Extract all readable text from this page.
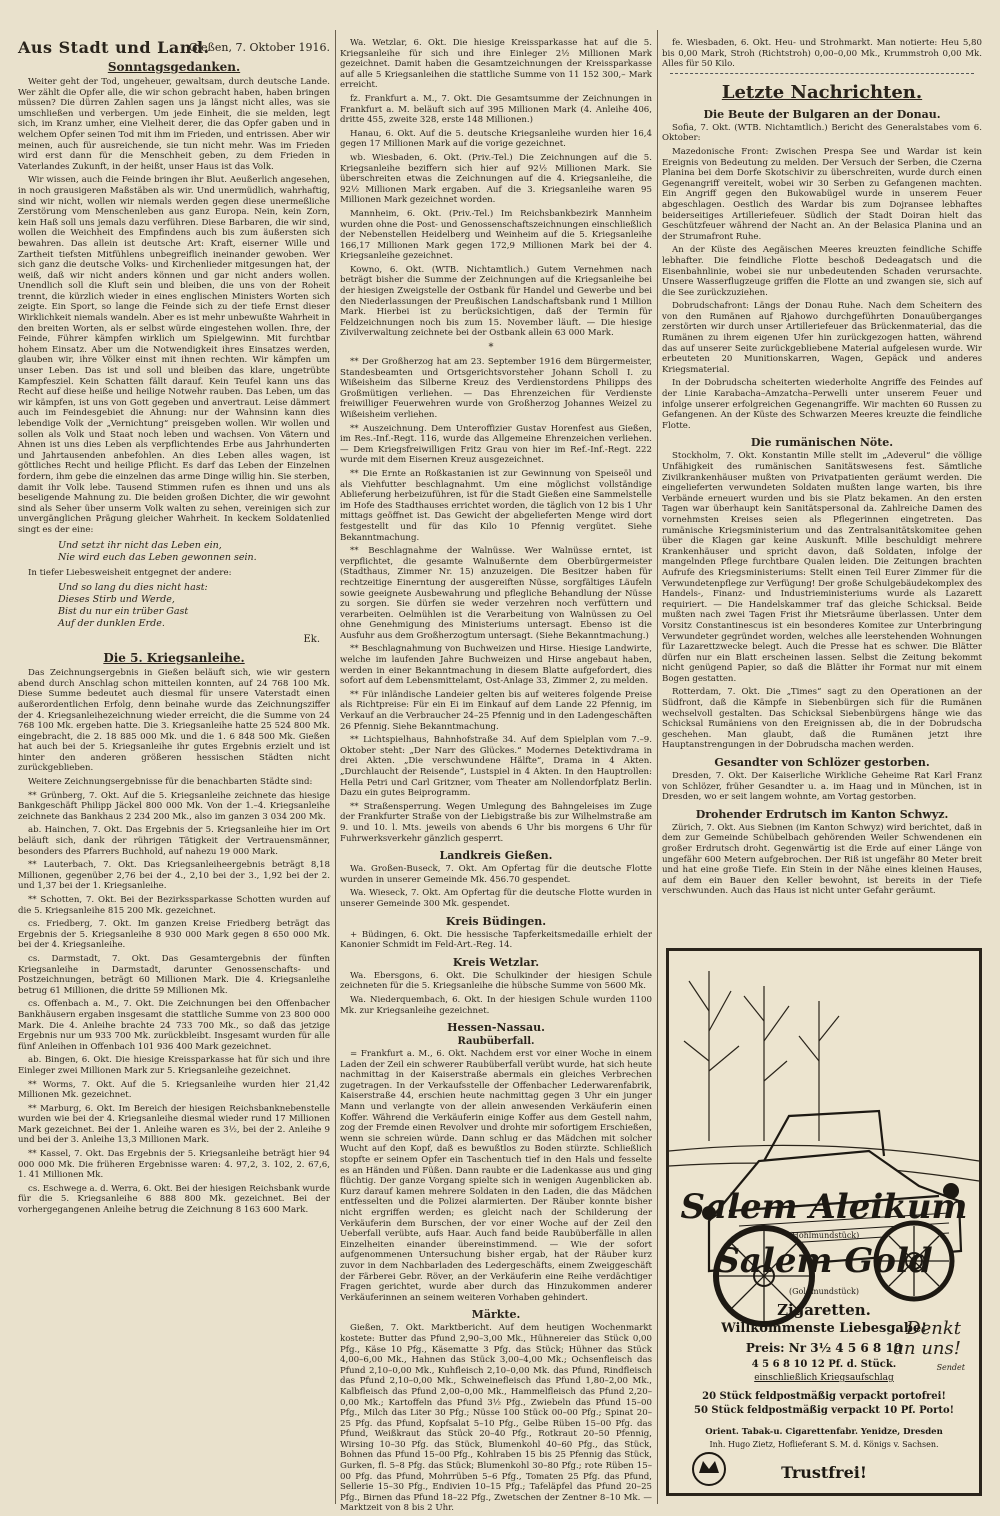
Aus Stadt und Land.
Gießen, 7. Oktober 1916.
Sonntagsgedanken.

Weiter geht der Tod, ungeheuer, gewaltsam, durch deutsche Lande. Wer zählt die Opfer alle, die wir schon gebracht haben, haben bringen müssen? Die dürren Zahlen sagen uns ja längst nicht alles, was sie umschließen und verbergen. Um jede Einheit, die sie melden, legt sich, im Kranz umher, eine Vielheit derer, die das Opfer gaben und in welchem Opfer seinen Tod mit ihm im Frieden, und entrissen. Aber wir meinen, auch für ausreichende, sie tun nicht mehr. Was im Frieden wird erst dann für die Menschheit geben, zu dem Frieden in Vaterlandes Zukunft, in der heißt, unser Haus ist das Volk.

Wir wissen, auch die Feinde bringen ihr Blut. Aeußerlich angesehen, in noch grausigeren Maßstäben als wir. Und unermüdlich, wahrhaftig, sind wir nicht, wollen wir niemals werden gegen diese unermeßliche Zerstörung vom Menschenleben aus ganz Europa. Nein, kein Zorn, kein Haß soll uns jemals dazu verführen. Diese Barbaren, die wir sind, wollen die Weichheit des Empfindens auch bis zum äußersten sich bewahren. Das allein ist deutsche Art: Kraft, eiserner Wille und Zartheit tiefsten Mitfühlens unbegreiflich ineinander gewoben. Wer sich ganz die deutsche Volks- und Kirchenlieder mitgesungen hat, der weiß, daß wir nicht anders können und gar nicht anders wollen. Unendlich soll die Kluft sein und bleiben, die uns von der Roheit trennt, die kürzlich wieder in eines englischen Ministers Worten sich zeigte. Ein Sport, so lange die Feinde sich zu der tiefe Ernst dieser Wirklichkeit niemals wandeln. Aber es ist mehr unbewußte Wahrheit in den breiten Worten, als er selbst würde eingestehen wollen. Ihre, der Feinde, Führer kämpfen wirklich um Spielgewinn. Mit furchtbar hohem Einsatz. Aber um die Notwendigkeit ihres Einsatzes werden, glauben wir, ihre Völker einst mit ihnen rechten. Wir kämpfen um unser Leben. Das ist und soll und bleiben das klare, ungetrübte Kampfesziel. Kein Schatten fällt darauf. Kein Teufel kann uns das Recht auf diese heiße und heilige Notwehr rauben. Das Leben, um das wir kämpfen, ist uns von Gott gegeben und anvertraut. Leise dämmert auch im Feindesgebiet die Ahnung: nur der Wahnsinn kann dies lebendige Volk der „Vernichtung“ preisgeben wollen. Wir wollen und sollen als Volk und Staat noch leben und wachsen. Von Vätern und Ahnen ist uns dies Leben als verpflichtendes Erbe aus Jahrhunderten und Jahrtausenden anbefohlen. An dies Leben alles wagen, ist göttliches Recht und heilige Pflicht. Es darf das Leben der Einzelnen fordern, ihm gebe die einzelnen das arme Dinge willig hin. Sie sterben, damit ihr Volk lebe. Tausend Stimmen rufen es ihnen und uns als beseligende Mahnung zu. Die beiden großen Dichter, die wir gewohnt sind als Seher über unserm Volk walten zu sehen, vereinigen sich zur unvergänglichen Prägung gleicher Wahrheit. In keckem Soldatenlied singt es der eine:

Und setzt ihr nicht das Leben ein,
Nie wird euch das Leben gewonnen sein.

In tiefer Liebesweisheit entgegnet der andere:

Und so lang du dies nicht hast:
Dieses Stirb und Werde,
Bist du nur ein trüber Gast
Auf der dunklen Erde.
Ek.
Die 5. Kriegsanleihe.

Das Zeichnungsergebnis in Gießen beläuft sich, wie wir gestern abend durch Anschlag schon mitteilen konnten, auf 24 768 100 Mk. Diese Summe bedeutet auch diesmal für unsere Vaterstadt einen außerordentlichen Erfolg, denn beinahe wurde das Zeichnungsziffer der 4. Kriegsanleihezeichnung wieder erreicht, die die Summe von 24 768 100 Mk. ergeben hatte. Die 3. Kriegsanleihe hatte 25 524 800 Mk. eingebracht, die 2. 18 885 000 Mk. und die 1. 6 848 500 Mk. Gießen hat auch bei der 5. Kriegsanleihe ihr gutes Ergebnis erzielt und ist hinter den anderen größeren hessischen Städten nicht zurückgeblieben.

Weitere Zeichnungsergebnisse für die benachbarten Städte sind:

** Grünberg, 7. Okt. Auf die 5. Kriegsanleihe zeichnete das hiesige Bankgeschäft Philipp Jäckel 800 000 Mk. Von der 1.–4. Kriegsanleihe zeichnete das Bankhaus 2 234 200 Mk., also im ganzen 3 034 200 Mk.

ab. Hainchen, 7. Okt. Das Ergebnis der 5. Kriegsanleihe hier im Ort beläuft sich, dank der rührigen Tätigkeit der Vertrauensmänner, besonders des Pfarrers Buchhold, auf nahezu 19 000 Mark.

** Lauterbach, 7. Okt. Das Kriegsanleiheergebnis beträgt 8,18 Millionen, gegenüber 2,76 bei der 4., 2,10 bei der 3., 1,92 bei der 2. und 1,37 bei der 1. Kriegsanleihe.

** Schotten, 7. Okt. Bei der Bezirkssparkasse Schotten wurden auf die 5. Kriegsanleihe 815 200 Mk. gezeichnet.

cs. Friedberg, 7. Okt. Im ganzen Kreise Friedberg beträgt das Ergebnis der 5. Kriegsanleihe 8 930 000 Mark gegen 8 650 000 Mk. bei der 4. Kriegsanleihe.

cs. Darmstadt, 7. Okt. Das Gesamtergebnis der fünften Kriegsanleihe in Darmstadt, darunter Genossenschafts- und Postzeichnungen, beträgt 60 Millionen Mark. Die 4. Kriegsanleihe betrug 61 Millionen, die dritte 59 Millionen Mk.

cs. Offenbach a. M., 7. Okt. Die Zeichnungen bei den Offenbacher Bankhäusern ergaben insgesamt die stattliche Summe von 23 800 000 Mark. Die 4. Anleihe brachte 24 733 700 Mk., so daß das jetzige Ergebnis nur um 933 700 Mk. zurückbleibt. Insgesamt wurden für alle fünf Anleihen in Offenbach 101 936 400 Mark gezeichnet.

ab. Bingen, 6. Okt. Die hiesige Kreissparkasse hat für sich und ihre Einleger zwei Millionen Mark zur 5. Kriegsanleihe gezeichnet.

** Worms, 7. Okt. Auf die 5. Kriegsanleihe wurden hier 21,42 Millionen Mk. gezeichnet.

** Marburg, 6. Okt. Im Bereich der hiesigen Reichsbanknebenstelle wurden wie bei der 4. Kriegsanleihe diesmal wieder rund 17 Millionen Mark gezeichnet. Bei der 1. Anleihe waren es 3½, bei der 2. Anleihe 9 und bei der 3. Anleihe 13,3 Millionen Mark.

** Kassel, 7. Okt. Das Ergebnis der 5. Kriegsanleihe beträgt hier 94 000 000 Mk. Die früheren Ergebnisse waren: 4. 97,2, 3. 102, 2. 67,6, 1. 41 Millionen Mk.

cs. Eschwege a. d. Werra, 6. Okt. Bei der hiesigen Reichsbank wurde für die 5. Kriegsanleihe 6 888 800 Mk. gezeichnet. Bei der vorhergegangenen Anleihe betrug die Zeichnung 8 163 600 Mark.

Wa. Wetzlar, 6. Okt. Die hiesige Kreissparkasse hat auf die 5. Kriegsanleihe für sich und ihre Einleger 2½ Millionen Mark gezeichnet. Damit haben die Gesamtzeichnungen der Kreissparkasse auf alle 5 Kriegsanleihen die stattliche Summe von 11 152 300,– Mark erreicht.

fz. Frankfurt a. M., 7. Okt. Die Gesamtsumme der Zeichnungen in Frankfurt a. M. beläuft sich auf 395 Millionen Mark (4. Anleihe 406, dritte 455, zweite 328, erste 148 Millionen.)

Hanau, 6. Okt. Auf die 5. deutsche Kriegsanleihe wurden hier 16,4 gegen 17 Millionen Mark auf die vorige gezeichnet.

wb. Wiesbaden, 6. Okt. (Priv.-Tel.) Die Zeichnungen auf die 5. Kriegsanleihe beziffern sich hier auf 92½ Millionen Mark. Sie überschreiten etwas die Zeichnungen auf die 4. Kriegsanleihe, die 92½ Millionen Mark ergaben. Auf die 3. Kriegsanleihe waren 95 Millionen Mark gezeichnet worden.

Mannheim, 6. Okt. (Priv.-Tel.) Im Reichsbankbezirk Mannheim wurden ohne die Post- und Genossenschaftszeichnungen einschließlich der Nebenstellen Heidelberg und Weinheim auf die 5. Kriegsanleihe 166,17 Millionen Mark gegen 172,9 Millionen Mark bei der 4. Kriegsanleihe gezeichnet.

Kowno, 6. Okt. (WTB. Nichtamtlich.) Gutem Vernehmen nach beträgt bisher die Summe der Zeichnungen auf die Kriegsanleihe bei der hiesigen Zweigstelle der Ostbank für Handel und Gewerbe und bei den Niederlassungen der Preußischen Landschaftsbank rund 1 Million Mark. Hierbei ist zu berücksichtigen, daß der Termin für Feldzeichnungen noch bis zum 15. November läuft. — Die hiesige Zivilverwaltung zeichnete bei der Ostbank allein 63 000 Mark.

*

** Der Großherzog hat am 23. September 1916 dem Bürgermeister, Standesbeamten und Ortsgerichtsvorsteher Johann Scholl I. zu Wißeisheim das Silberne Kreuz des Verdienstordens Philipps des Großmütigen verliehen. — Das Ehrenzeichen für Verdienste freiwilliger Feuerwehren wurde von Großherzog Johannes Weizel zu Wißeisheim verliehen.

** Auszeichnung. Dem Unteroffizier Gustav Horenfest aus Gießen, im Res.-Inf.-Regt. 116, wurde das Allgemeine Ehrenzeichen verliehen. — Dem Kriegsfreiwilligen Fritz Grau von hier im Ref.-Inf.-Regt. 222 wurde mit dem Eisernen Kreuz ausgezeichnet.

** Die Ernte an Roßkastanien ist zur Gewinnung von Speiseöl und als Viehfutter beschlagnahmt. Um eine möglichst vollständige Ablieferung herbeizuführen, ist für die Stadt Gießen eine Sammelstelle im Hofe des Stadthauses errichtet worden, die täglich von 12 bis 1 Uhr mittags geöffnet ist. Das Gewicht der abgelieferten Menge wird dort festgestellt und für das Kilo 10 Pfennig vergütet. Siehe Bekanntmachung.

** Beschlagnahme der Walnüsse. Wer Walnüsse erntet, ist verpflichtet, die gesamte Walnußernte dem Oberbürgermeister (Stadthaus, Zimmer Nr. 15) anzuzeigen. Die Besitzer haben für rechtzeitige Einerntung der ausgereiften Nüsse, sorgfältiges Läufeln sowie geeignete Ausbewahrung und pflegliche Behandlung der Nüsse zu sorgen. Sie dürfen sie weder verzehren noch verfüttern und verarbeiten. Oelmühlen ist die Verarbeitung von Walnüssen zu Oel ohne Genehmigung des Ministeriums untersagt. Ebenso ist die Ausfuhr aus dem Großherzogtum untersagt. (Siehe Bekanntmachung.)

** Beschlagnahmung von Buchweizen und Hirse. Hiesige Landwirte, welche im laufenden Jahre Buchweizen und Hirse angebaut haben, werden in einer Bekanntmachung in diesem Blatte aufgefordert, dies sofort auf dem Lebensmittelamt, Ost-Anlage 33, Zimmer 2, zu melden.

** Für inländische Landeier gelten bis auf weiteres folgende Preise als Richtpreise: Für ein Ei im Einkauf auf dem Lande 22 Pfennig, im Verkauf an die Verbraucher 24–25 Pfennig und in den Ladengeschäften 26 Pfennig. Siehe Bekanntmachung.

** Lichtspielhaus, Bahnhofstraße 34. Auf dem Spielplan vom 7.–9. Oktober steht: „Der Narr des Glückes.“ Modernes Detektivdrama in drei Akten. „Die verschwundene Hälfte“, Drama in 4 Akten. „Durchlaucht der Reisende“, Lustspiel in 4 Akten. In den Hauptrollen: Hella Petri und Carl Gritzner, vom Theater am Nollendorfplatz Berlin. Dazu ein gutes Beiprogramm.

** Straßensperrung. Wegen Umlegung des Bahngeleises im Zuge der Frankfurter Straße von der Liebigstraße bis zur Wilhelmstraße am 9. und 10. l. Mts. jeweils von abends 6 Uhr bis morgens 6 Uhr für Fuhrwerksverkehr gänzlich gesperrt.

Landkreis Gießen.

Wa. Großen-Buseck, 7. Okt. Am Opfertag für die deutsche Flotte wurden in unserer Gemeinde Mk. 456.70 gespendet.

Wa. Wieseck, 7. Okt. Am Opfertag für die deutsche Flotte wurden in unserer Gemeinde 300 Mk. gespendet.

Kreis Büdingen.

+ Büdingen, 6. Okt. Die hessische Tapferkeitsmedaille erhielt der Kanonier Schmidt im Feld-Art.-Reg. 14.

Kreis Wetzlar.

Wa. Ebersgons, 6. Okt. Die Schulkinder der hiesigen Schule zeichneten für die 5. Kriegsanleihe die hübsche Summe von 5600 Mk.

Wa. Niederquembach, 6. Okt. In der hiesigen Schule wurden 1100 Mk. zur Kriegsanleihe gezeichnet.

Hessen-Nassau.
Raubüberfall.

= Frankfurt a. M., 6. Okt. Nachdem erst vor einer Woche in einem Laden der Zeil ein schwerer Raubüberfall verübt wurde, hat sich heute nachmittag in der Kaiserstraße abermals ein gleiches Verbrechen zugetragen. In der Verkaufsstelle der Offenbacher Lederwarenfabrik, Kaiserstraße 44, erschien heute nachmittag gegen 3 Uhr ein junger Mann und verlangte von der allein anwesenden Verkäuferin einen Koffer. Während die Verkäuferin einige Koffer aus dem Gestell nahm, zog der Fremde einen Revolver und drohte mir sofortigem Erschießen, wenn sie schreien würde. Dann schlug er das Mädchen mit solcher Wucht auf den Kopf, daß es bewußtlos zu Boden stürzte. Schließlich stopfte er seinem Opfer ein Taschentuch tief in den Hals und fesselte es an Händen und Füßen. Dann raubte er die Ladenkasse aus und ging flüchtig. Der ganze Vorgang spielte sich in wenigen Augenblicken ab. Kurz darauf kamen mehrere Soldaten in den Laden, die das Mädchen entfesselten und die Polizei alarmierten. Der Räuber konnte bisher nicht ergriffen werden; es gleicht nach der Schilderung der Verkäuferin dem Burschen, der vor einer Woche auf der Zeil den Ueberfall verübte, aufs Haar. Auch fand beide Raubüberfälle in allen Einzelheiten einander übereinstimmend. — Wie der sofort aufgenommenen Untersuchung bisher ergab, hat der Räuber kurz zuvor in dem Nachbarladen des Ledergeschäfts, einem Zweiggeschäft der Färberei Gebr. Röver, an der Verkäuferin eine Reihe verdächtiger Fragen gerichtet, wurde aber durch das Hinzukommen anderer Verkäuferinnen an seinem weiteren Vorhaben gehindert.

Märkte.

Gießen, 7. Okt. Marktbericht. Auf dem heutigen Wochenmarkt kostete: Butter das Pfund 2,90–3,00 Mk., Hühnereier das Stück 0,00 Pfg., Käse 10 Pfg., Käsematte 3 Pfg. das Stück; Hühner das Stück 4,00–6,00 Mk., Hahnen das Stück 3,00–4,00 Mk.; Ochsenfleisch das Pfund 2,10–0,00 Mk., Kuhfleisch 2,10–0,00 Mk. das Pfund, Rindfleisch das Pfund 2,10–0,00 Mk., Schweinefleisch das Pfund 1,80–2,00 Mk., Kalbfleisch das Pfund 2,00–0,00 Mk., Hammelfleisch das Pfund 2,20–0,00 Mk.; Kartoffeln das Pfund 3½ Pfg., Zwiebeln das Pfund 15–00 Pfg., Milch das Liter 30 Pfg.; Nüsse 100 Stück 00–00 Pfg.; Spinat 20–25 Pfg. das Pfund, Kopfsalat 5–10 Pfg., Gelbe Rüben 15–00 Pfg. das Pfund, Weißkraut das Stück 20–40 Pfg., Rotkraut 20–50 Pfennig, Wirsing 10–30 Pfg. das Stück, Blumenkohl 40–60 Pfg., das Stück, Bohnen das Pfund 15–00 Pfg., Kohlraben 15 bis 25 Pfennig das Stück, Gurken, fl. 5–8 Pfg. das Stück; Blumenkohl 30–80 Pfg.; rote Rüben 15–00 Pfg. das Pfund, Mohrrüben 5–6 Pfg., Tomaten 25 Pfg. das Pfund, Sellerie 15–30 Pfg., Endivien 10–15 Pfg.; Tafeläpfel das Pfund 20–25 Pfg., Birnen das Pfund 18–22 Pfg., Zwetschen der Zentner 8–10 Mk. — Marktzeit von 8 bis 2 Uhr.

fe. Wiesbaden, 6. Okt. Heu- und Strohmarkt. Man notierte: Heu 5,80 bis 0,00 Mark, Stroh (Richtstroh) 0,00–0,00 Mk., Krummstroh 0,00 Mk. Alles für 50 Kilo.

Letzte Nachrichten.
Die Beute der Bulgaren an der Donau.

Sofia, 7. Okt. (WTB. Nichtamtlich.) Bericht des Generalstabes vom 6. Oktober:

Mazedonische Front: Zwischen Prespa See und Wardar ist kein Ereignis von Bedeutung zu melden. Der Versuch der Serben, die Czerna Planina bei dem Dorfe Skotschivir zu überschreiten, wurde durch einen Gegenangriff vereitelt, wobei wir 30 Serben zu Gefangenen machten. Ein Angriff gegen den Bukowabügel wurde in unserem Feuer abgeschlagen. Oestlich des Wardar bis zum Dojransee lebhaftes beiderseitiges Artilleriefeuer. Südlich der Stadt Doiran hielt das Geschützfeuer während der Nacht an. An der Belasica Planina und an der Strumafront Ruhe.

An der Küste des Aegäischen Meeres kreuzten feindliche Schiffe lebhafter. Die feindliche Flotte beschoß Dedeagatsch und die Eisenbahnlinie, wobei sie nur unbedeutenden Schaden verursachte. Unsere Wasserflugzeuge griffen die Flotte an und zwangen sie, sich auf die See zurückzuziehen.

Dobrudschafront: Längs der Donau Ruhe. Nach dem Scheitern des von den Rumänen auf Rjahowo durchgeführten Donauüberganges zerstörten wir durch unser Artilleriefeuer das Brückenmaterial, das die Rumänen zu ihrem eigenen Ufer hin zurückgezogen hatten, während das auf unserer Seite zurückgebliebene Material aufgelesen wurde. Wir erbeuteten 20 Munitionskarren, Wagen, Gepäck und anderes Kriegsmaterial.

In der Dobrudscha scheiterten wiederholte Angriffe des Feindes auf der Linie Karabacha–Amzatcha–Perwelli unter unserem Feuer und infolge unserer erfolgreichen Gegenangriffe. Wir machten 60 Russen zu Gefangenen. An der Küste des Schwarzen Meeres kreuzte die feindliche Flotte.

Die rumänischen Nöte.

Stockholm, 7. Okt. Konstantin Mille stellt im „Adeverul“ die völlige Unfähigkeit des rumänischen Sanitätswesens fest. Sämtliche Zivilkrankenhäuser mußten von Privatpatienten geräumt werden. Die eingelieferten verwundeten Soldaten mußten lange warten, bis ihre Verbände erneuert wurden und bis sie Platz bekamen. An den ersten Tagen war überhaupt kein Sanitätspersonal da. Zahlreiche Damen des vornehmsten Kreises seien als Pflegerinnen eingetreten. Das rumänische Kriegsministerium und das Zentralsanitätskomitee gehen über die Klagen gar keine Auskunft. Mille beschuldigt mehrere Krankenhäuser und spricht davon, daß Soldaten, infolge der mangelnden Pflege furchtbare Qualen leiden. Die Zeitungen brachten Aufrufe des Kriegsministeriums: Stellt einen Teil Eurer Zimmer für die Verwundetenpflege zur Verfügung! Der große Schulgebäudekomplex des Handels-, Finanz- und Industrieministeriums wurde als Lazarett requiriert. — Die Handelskammer traf das gleiche Schicksal. Beide mußten nach zwei Tagen Frist ihr Mietsräume überlassen. Unter dem Vorsitz Constantinescus ist ein besonderes Komitee zur Unterbringung Verwundeter gegründet worden, welches alle leerstehenden Wohnungen für Lazarettzwecke belegt. Auch die Presse hat es schwer. Die Blätter dürfen nur ein Blatt erscheinen lassen. Selbst die Zeitung bekommt nicht genügend Papier, so daß die Blätter ihr Format nur mit einem Bogen gestatten.

Rotterdam, 7. Okt. Die „Times“ sagt zu den Operationen an der Südfront, daß die Kämpfe in Siebenbürgen sich für die Rumänen wechselvoll gestalten. Das Schicksal Siebenbürgens hänge wie das Schicksal Rumäniens von den Ereignissen ab, die in der Dobrudscha geschehen. Man glaubt, daß die Rumänen jetzt ihre Hauptanstrengungen in der Dobrudscha machen werden.

Gesandter von Schlözer gestorben.

Dresden, 7. Okt. Der Kaiserliche Wirkliche Geheime Rat Karl Franz von Schlözer, früher Gesandter u. a. im Haag und in München, ist in Dresden, wo er seit langem wohnte, am Vortag gestorben.

Drohender Erdrutsch im Kanton Schwyz.

Zürich, 7. Okt. Aus Siebnen (im Kanton Schwyz) wird berichtet, daß in dem zur Gemeinde Schübelbach gehörenden Weiler Schwendenen ein großer Erdrutsch droht. Gegenwärtig ist die Erde auf einer Länge von ungefähr 600 Metern aufgebrochen. Der Riß ist ungefähr 80 Meter breit und hat eine große Tiefe. Ein Stein in der Nähe eines kleinen Hauses, auf dem ein Bauer den Keller bewohnt, ist bereits in der Tiefe verschwunden. Auch das Haus ist nicht unter Gefahr geräumt.

Denkt
an uns!
Sendet
Salem Aleikum
(Hohlmundstück)
Salem Gold
(Goldmundstück)
Zigaretten.
Willkommenste Liebesgabe!
Preis: Nr 3½ 4 5 6 8 10
4 5 6 8 10 12 Pf. d. Stück.
einschließlich Kriegsaufschlag
20 Stück feldpostmäßig verpackt portofrei!
50 Stück feldpostmäßig verpackt 10 Pf. Porto!
Orient. Tabak-u. Cigarettenfabr. Yenidze, Dresden
Inh. Hugo Zietz, Hoflieferant S. M. d. Königs v. Sachsen.
Trustfrei!
